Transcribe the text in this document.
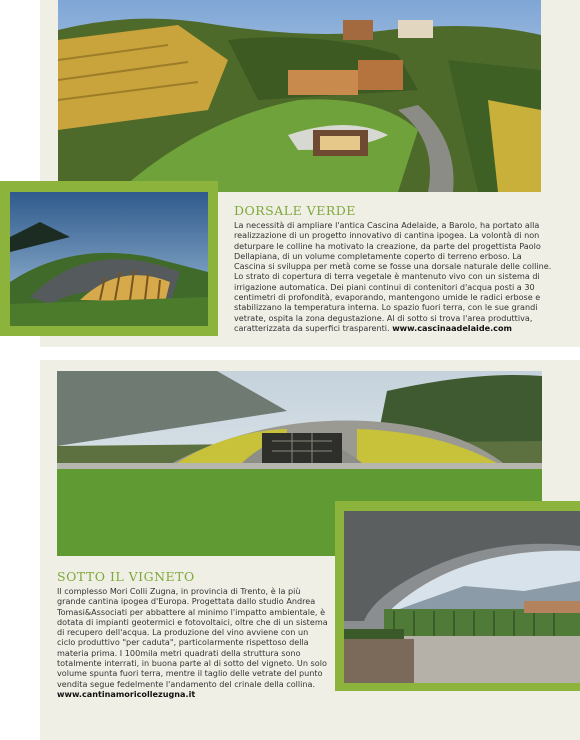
DORSALE VERDE

La necessità di ampliare l'antica Cascina Adelaide, a Barolo, ha portato alla realizzazione di un progetto innovativo di cantina ipogea. La volontà di non deturpare le colline ha motivato la creazione, da parte del progettista Paolo Dellapiana, di un volume completamente coperto di terreno erboso. La Cascina si sviluppa per metà come se fosse una dorsale naturale delle colline. Lo strato di copertura di terra vegetale è mantenuto vivo con un sistema di irrigazione automatica. Dei piani continui di contenitori d'acqua posti a 30 centimetri di profondità, evaporando, mantengono umide le radici erbose e stabilizzano la temperatura interna. Lo spazio fuori terra, con le sue grandi vetrate, ospita la zona degustazione. Al di sotto si trova l'area produttiva, caratterizzata da superfici trasparenti. www.cascinaadelaide.com

SOTTO IL VIGNETO

Il complesso Mori Colli Zugna, in provincia di Trento, è la più grande cantina ipogea d'Europa. Progettata dallo studio Andrea Tomasi&Associati per abbattere al minimo l'impatto ambientale, è dotata di impianti geotermici e fotovoltaici, oltre che di un sistema di recupero dell'acqua. La produzione del vino avviene con un ciclo produttivo "per caduta", particolarmente rispettoso della materia prima. I 100mila metri quadrati della struttura sono totalmente interrati, in buona parte al di sotto del vigneto. Un solo volume spunta fuori terra, mentre il taglio delle vetrate del punto vendita segue fedelmente l'andamento del crinale della collina. www.cantinamoricollezugna.it
